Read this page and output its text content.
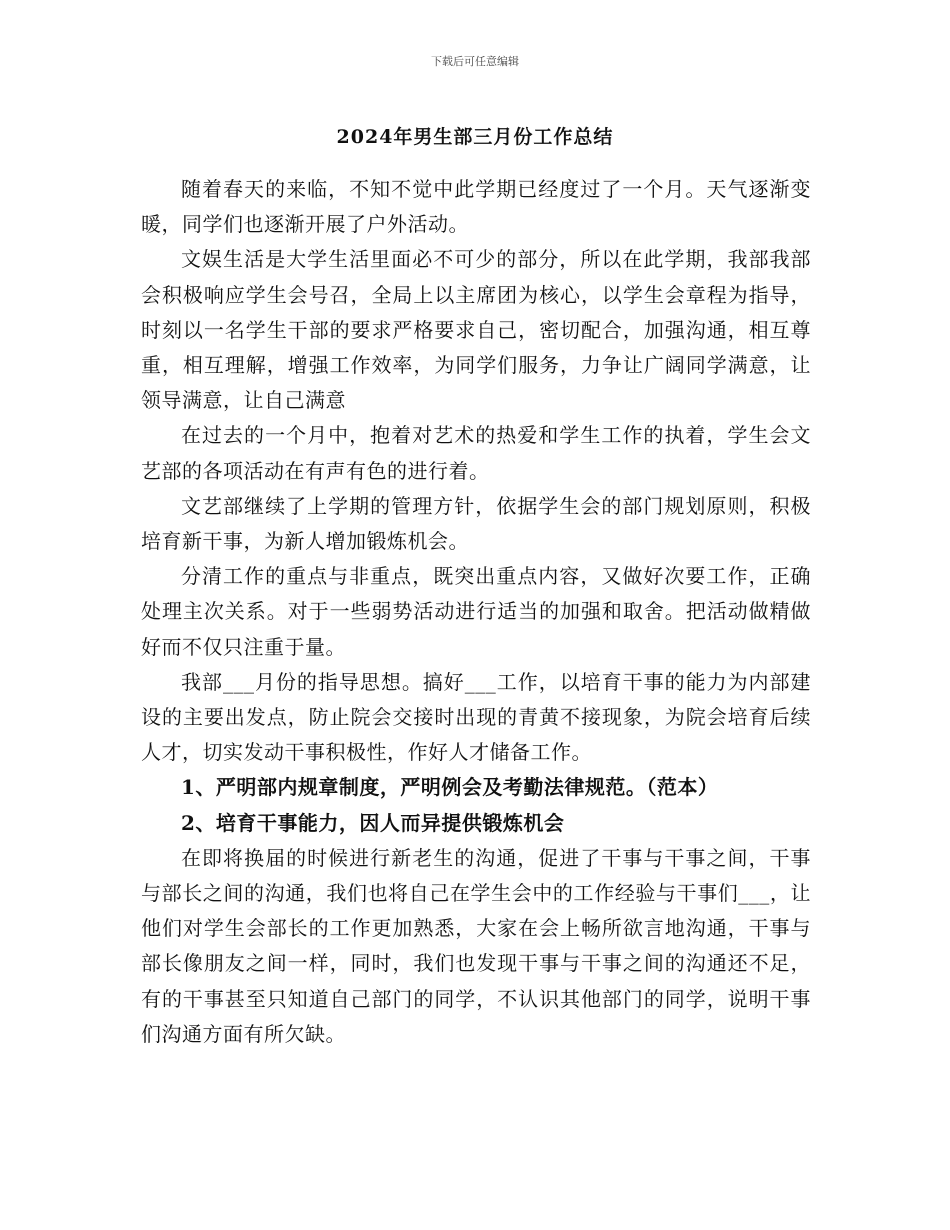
下载后可任意编辑
2024年男生部三月份工作总结

随着春天的来临，不知不觉中此学期已经度过了一个月。天气逐渐变暖，同学们也逐渐开展了户外活动。

文娱生活是大学生活里面必不可少的部分，所以在此学期，我部我部会积极响应学生会号召，全局上以主席团为核心，以学生会章程为指导，时刻以一名学生干部的要求严格要求自己，密切配合，加强沟通，相互尊重，相互理解，增强工作效率，为同学们服务，力争让广阔同学满意，让领导满意，让自己满意

在过去的一个月中，抱着对艺术的热爱和学生工作的执着，学生会文艺部的各项活动在有声有色的进行着。

文艺部继续了上学期的管理方针，依据学生会的部门规划原则，积极培育新干事，为新人增加锻炼机会。

分清工作的重点与非重点，既突出重点内容，又做好次要工作，正确处理主次关系。对于一些弱势活动进行适当的加强和取舍。把活动做精做好而不仅只注重于量。

我部___月份的指导思想。搞好___工作，以培育干事的能力为内部建设的主要出发点，防止院会交接时出现的青黄不接现象，为院会培育后续人才，切实发动干事积极性，作好人才储备工作。

1、严明部内规章制度，严明例会及考勤法律规范。（范本）

2、培育干事能力，因人而异提供锻炼机会

在即将换届的时候进行新老生的沟通，促进了干事与干事之间，干事与部长之间的沟通，我们也将自己在学生会中的工作经验与干事们___，让他们对学生会部长的工作更加熟悉，大家在会上畅所欲言地沟通，干事与部长像朋友之间一样，同时，我们也发现干事与干事之间的沟通还不足，有的干事甚至只知道自己部门的同学，不认识其他部门的同学，说明干事们沟通方面有所欠缺。
